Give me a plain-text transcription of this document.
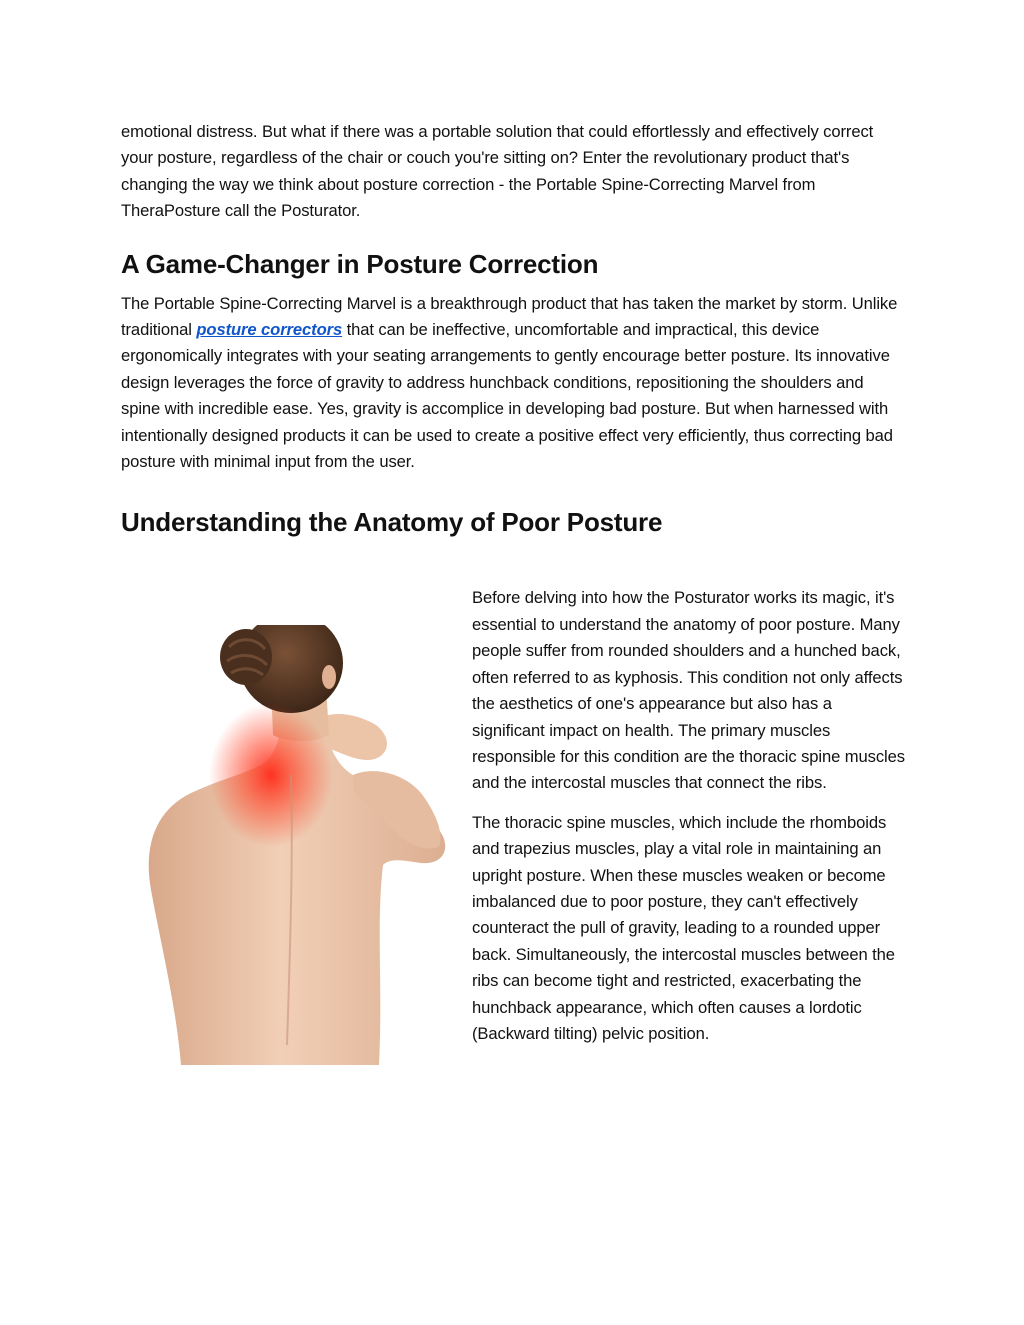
emotional distress. But what if there was a portable solution that could effortlessly and effectively correct your posture, regardless of the chair or couch you're sitting on? Enter the revolutionary product that's changing the way we think about posture correction - the Portable Spine-Correcting Marvel from TheraPosture call the Posturator.

A Game-Changer in Posture Correction

The Portable Spine-Correcting Marvel is a breakthrough product that has taken the market by storm. Unlike traditional posture correctors that can be ineffective, uncomfortable and impractical, this device ergonomically integrates with your seating arrangements to gently encourage better posture. Its innovative design leverages the force of gravity to address hunchback conditions, repositioning the shoulders and spine with incredible ease. Yes, gravity is accomplice in developing bad posture. But when harnessed with intentionally designed products it can be used to create a positive effect very efficiently, thus correcting bad posture with minimal input from the user.

Understanding the Anatomy of Poor Posture

Before delving into how the Posturator works its magic, it's essential to understand the anatomy of poor posture. Many people suffer from rounded shoulders and a hunched back, often referred to as kyphosis. This condition not only affects the aesthetics of one's appearance but also has a significant impact on health. The primary muscles responsible for this condition are the thoracic spine muscles and the intercostal muscles that connect the ribs.

The thoracic spine muscles, which include the rhomboids and trapezius muscles, play a vital role in maintaining an upright posture. When these muscles weaken or become imbalanced due to poor posture, they can't effectively counteract the pull of gravity, leading to a rounded upper back. Simultaneously, the intercostal muscles between the ribs can become tight and restricted, exacerbating the hunchback appearance, which often causes a lordotic (Backward tilting) pelvic position.
